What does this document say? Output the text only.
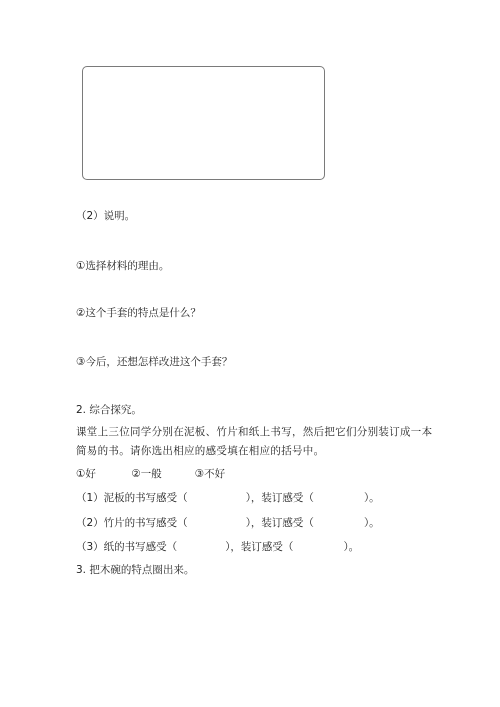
（2）说明。
①选择材料的理由。
②这个手套的特点是什么？
③今后，还想怎样改进这个手套？
2. 综合探究。
课堂上三位同学分别在泥板、竹片和纸上书写，然后把它们分别装订成一本简易的书。请你选出相应的感受填在相应的括号中。
①好	②一般	③不好
（1）泥板的书写感受（	），装订感受（	）。
（2）竹片的书写感受（	），装订感受（	）。
（3）纸的书写感受（	），装订感受（	）。
3. 把木碗的特点圈出来。
